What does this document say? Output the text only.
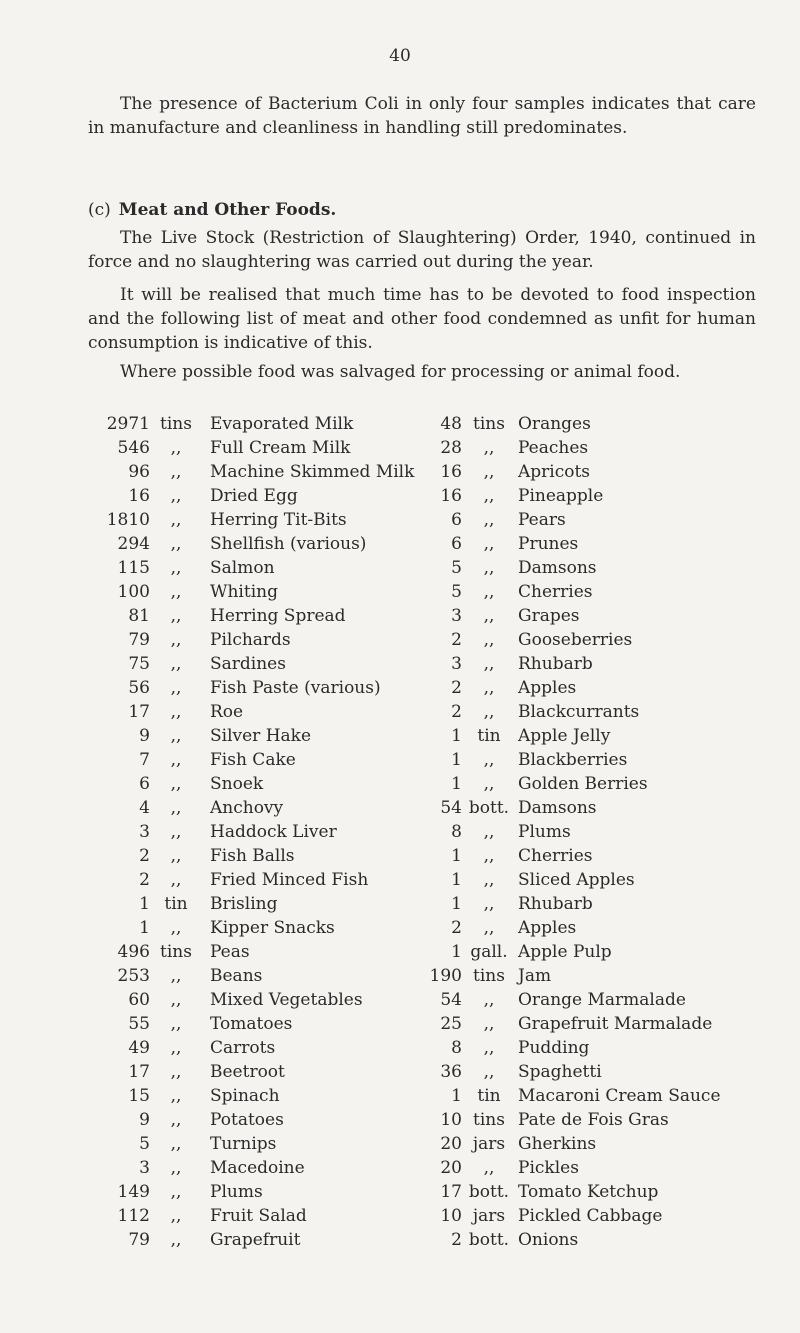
40

The presence of Bacterium Coli in only four samples indicates that care in manufacture and cleanliness in handling still predominates.

(c) Meat and Other Foods.

The Live Stock (Restriction of Slaughtering) Order, 1940, continued in force and no slaughtering was carried out during the year.

It will be realised that much time has to be devoted to food inspection and the following list of meat and other food condemned as unfit for human consumption is indicative of this.

Where possible food was salvaged for processing or animal food.

2971 tins	Evaporated Milk
546	,,	Full Cream Milk
96	,,	Machine Skimmed Milk
16	,,	Dried Egg
1810	,,	Herring Tit-Bits
294	,,	Shellfish (various)
115	,,	Salmon
100	,,	Whiting
81	,,	Herring Spread
79	,,	Pilchards
75	,,	Sardines
56	,,	Fish Paste (various)
17	,,	Roe
9	,,	Silver Hake
7	,,	Fish Cake
6	,,	Snoek
4	,,	Anchovy
3	,,	Haddock Liver
2	,,	Fish Balls
2	,,	Fried Minced Fish
1 tin	Brisling
1	,,	Kipper Snacks
496 tins	Peas
253	,,	Beans
60	,,	Mixed Vegetables
55	,,	Tomatoes
49	,,	Carrots
17	,,	Beetroot
15	,,	Spinach
9	,,	Potatoes
5	,,	Turnips
3	,,	Macedoine
149	,,	Plums
112	,,	Fruit Salad
79	,,	Grapefruit
48 tins Oranges
28	,,	Peaches
16	,,	Apricots
16	,,	Pineapple
6	,,	Pears
6	,,	Prunes
5	,,	Damsons
5	,,	Cherries
3	,,	Grapes
2	,,	Gooseberries
3	,,	Rhubarb
2	,,	Apples
2	,,	Blackcurrants
1 tin	Apple Jelly
1	,,	Blackberries
1	,,	Golden Berries
54 bott. Damsons
8	,,	Plums
1	,,	Cherries
1	,,	Sliced Apples
1	,,	Rhubarb
2	,,	Apples
1 gall. Apple Pulp
190 tins Jam
54	,,	Orange Marmalade
25	,,	Grapefruit Marmalade
8	,,	Pudding
36	,,	Spaghetti
1 tin	Macaroni Cream Sauce
10 tins Pate de Fois Gras
20 jars Gherkins
20	,,	Pickles
17 bott. Tomato Ketchup
10 jars Pickled Cabbage
2 bott. Onions
